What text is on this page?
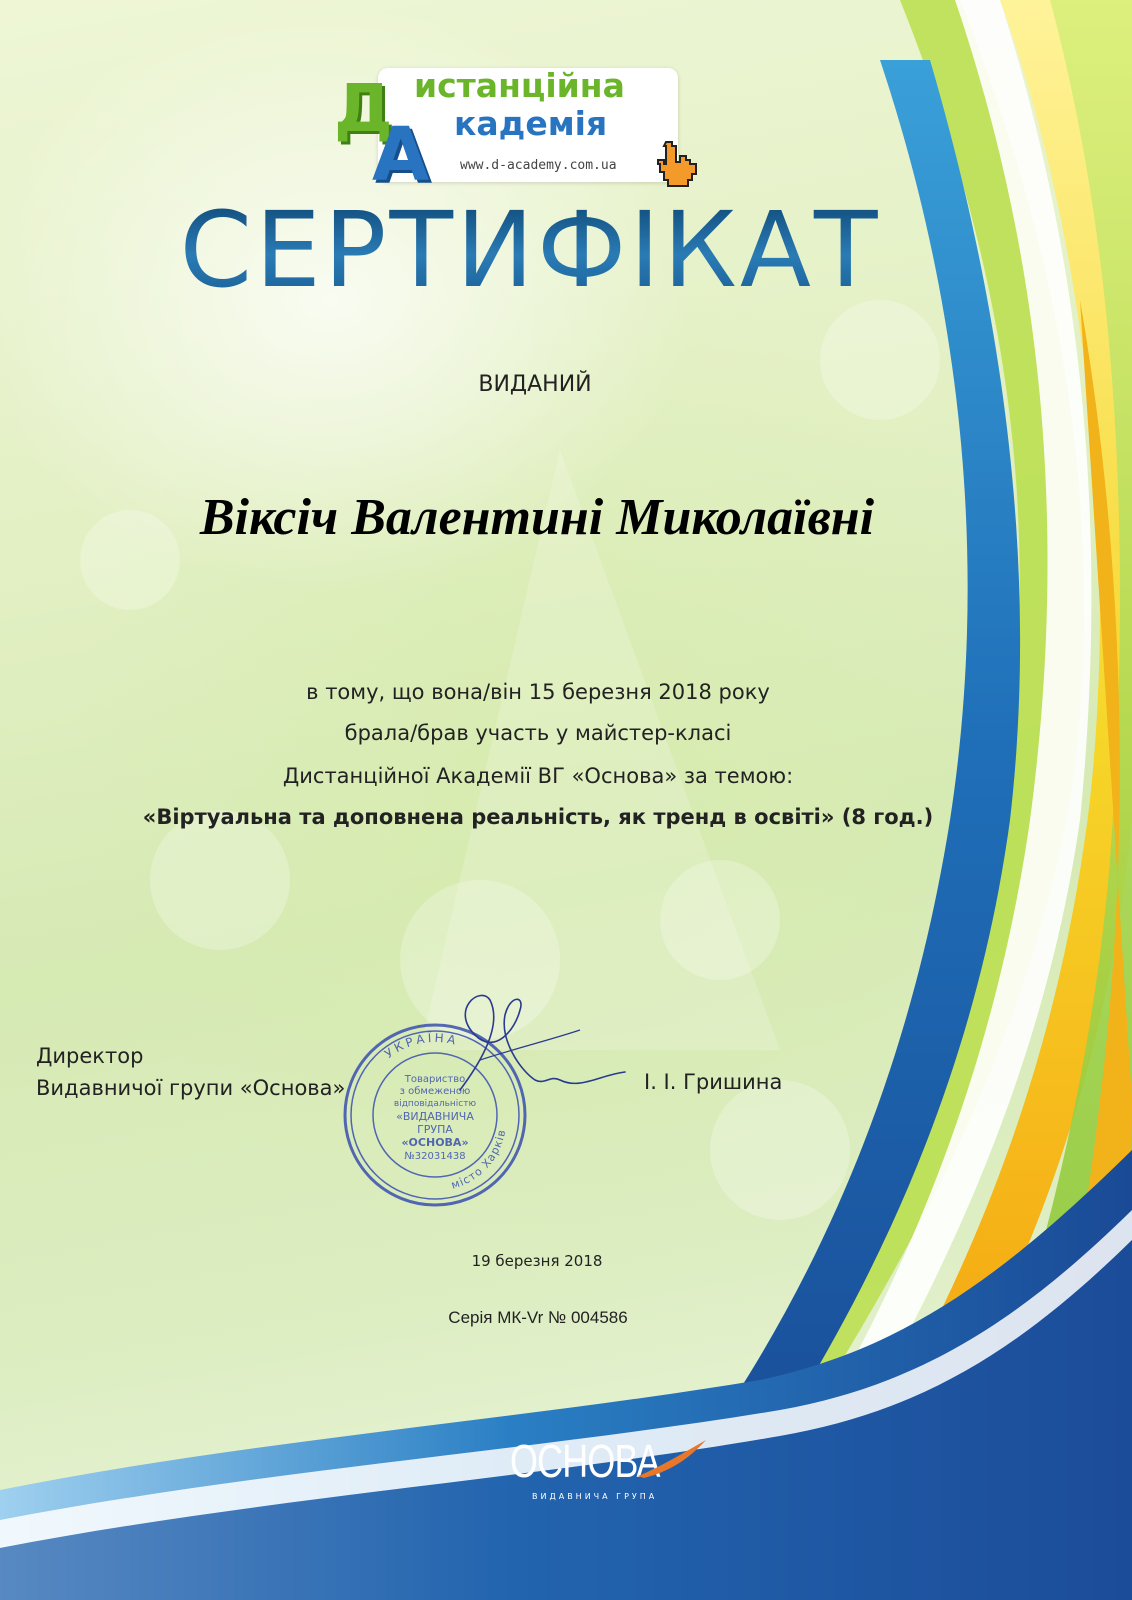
истанційна
кадемія
Д
А www.d-academy.com.ua
СЕРТИФІКАТ
ВИДАНИЙ
Віксіч Валентині Миколаївні
в тому, що вона/він 15 березня 2018 року
брала/брав участь у майстер-класі
Дистанційної Академії ВГ «Основа» за темою:
«Віртуальна та доповнена реальність, як тренд в освіті» (8 год.)
Директор
Видавничої групи «Основа»	І. І. Гришина
УКРАЇНА
місто Харків
Товариство
з обмеженою
відповідальністю
«ВИДАВНИЧА
ГРУПА
«ОСНОВА»
№32031438
19 березня 2018
Серія МК-Vr № 004586
ОСНОВА
ВИДАВНИЧА ГРУПА
